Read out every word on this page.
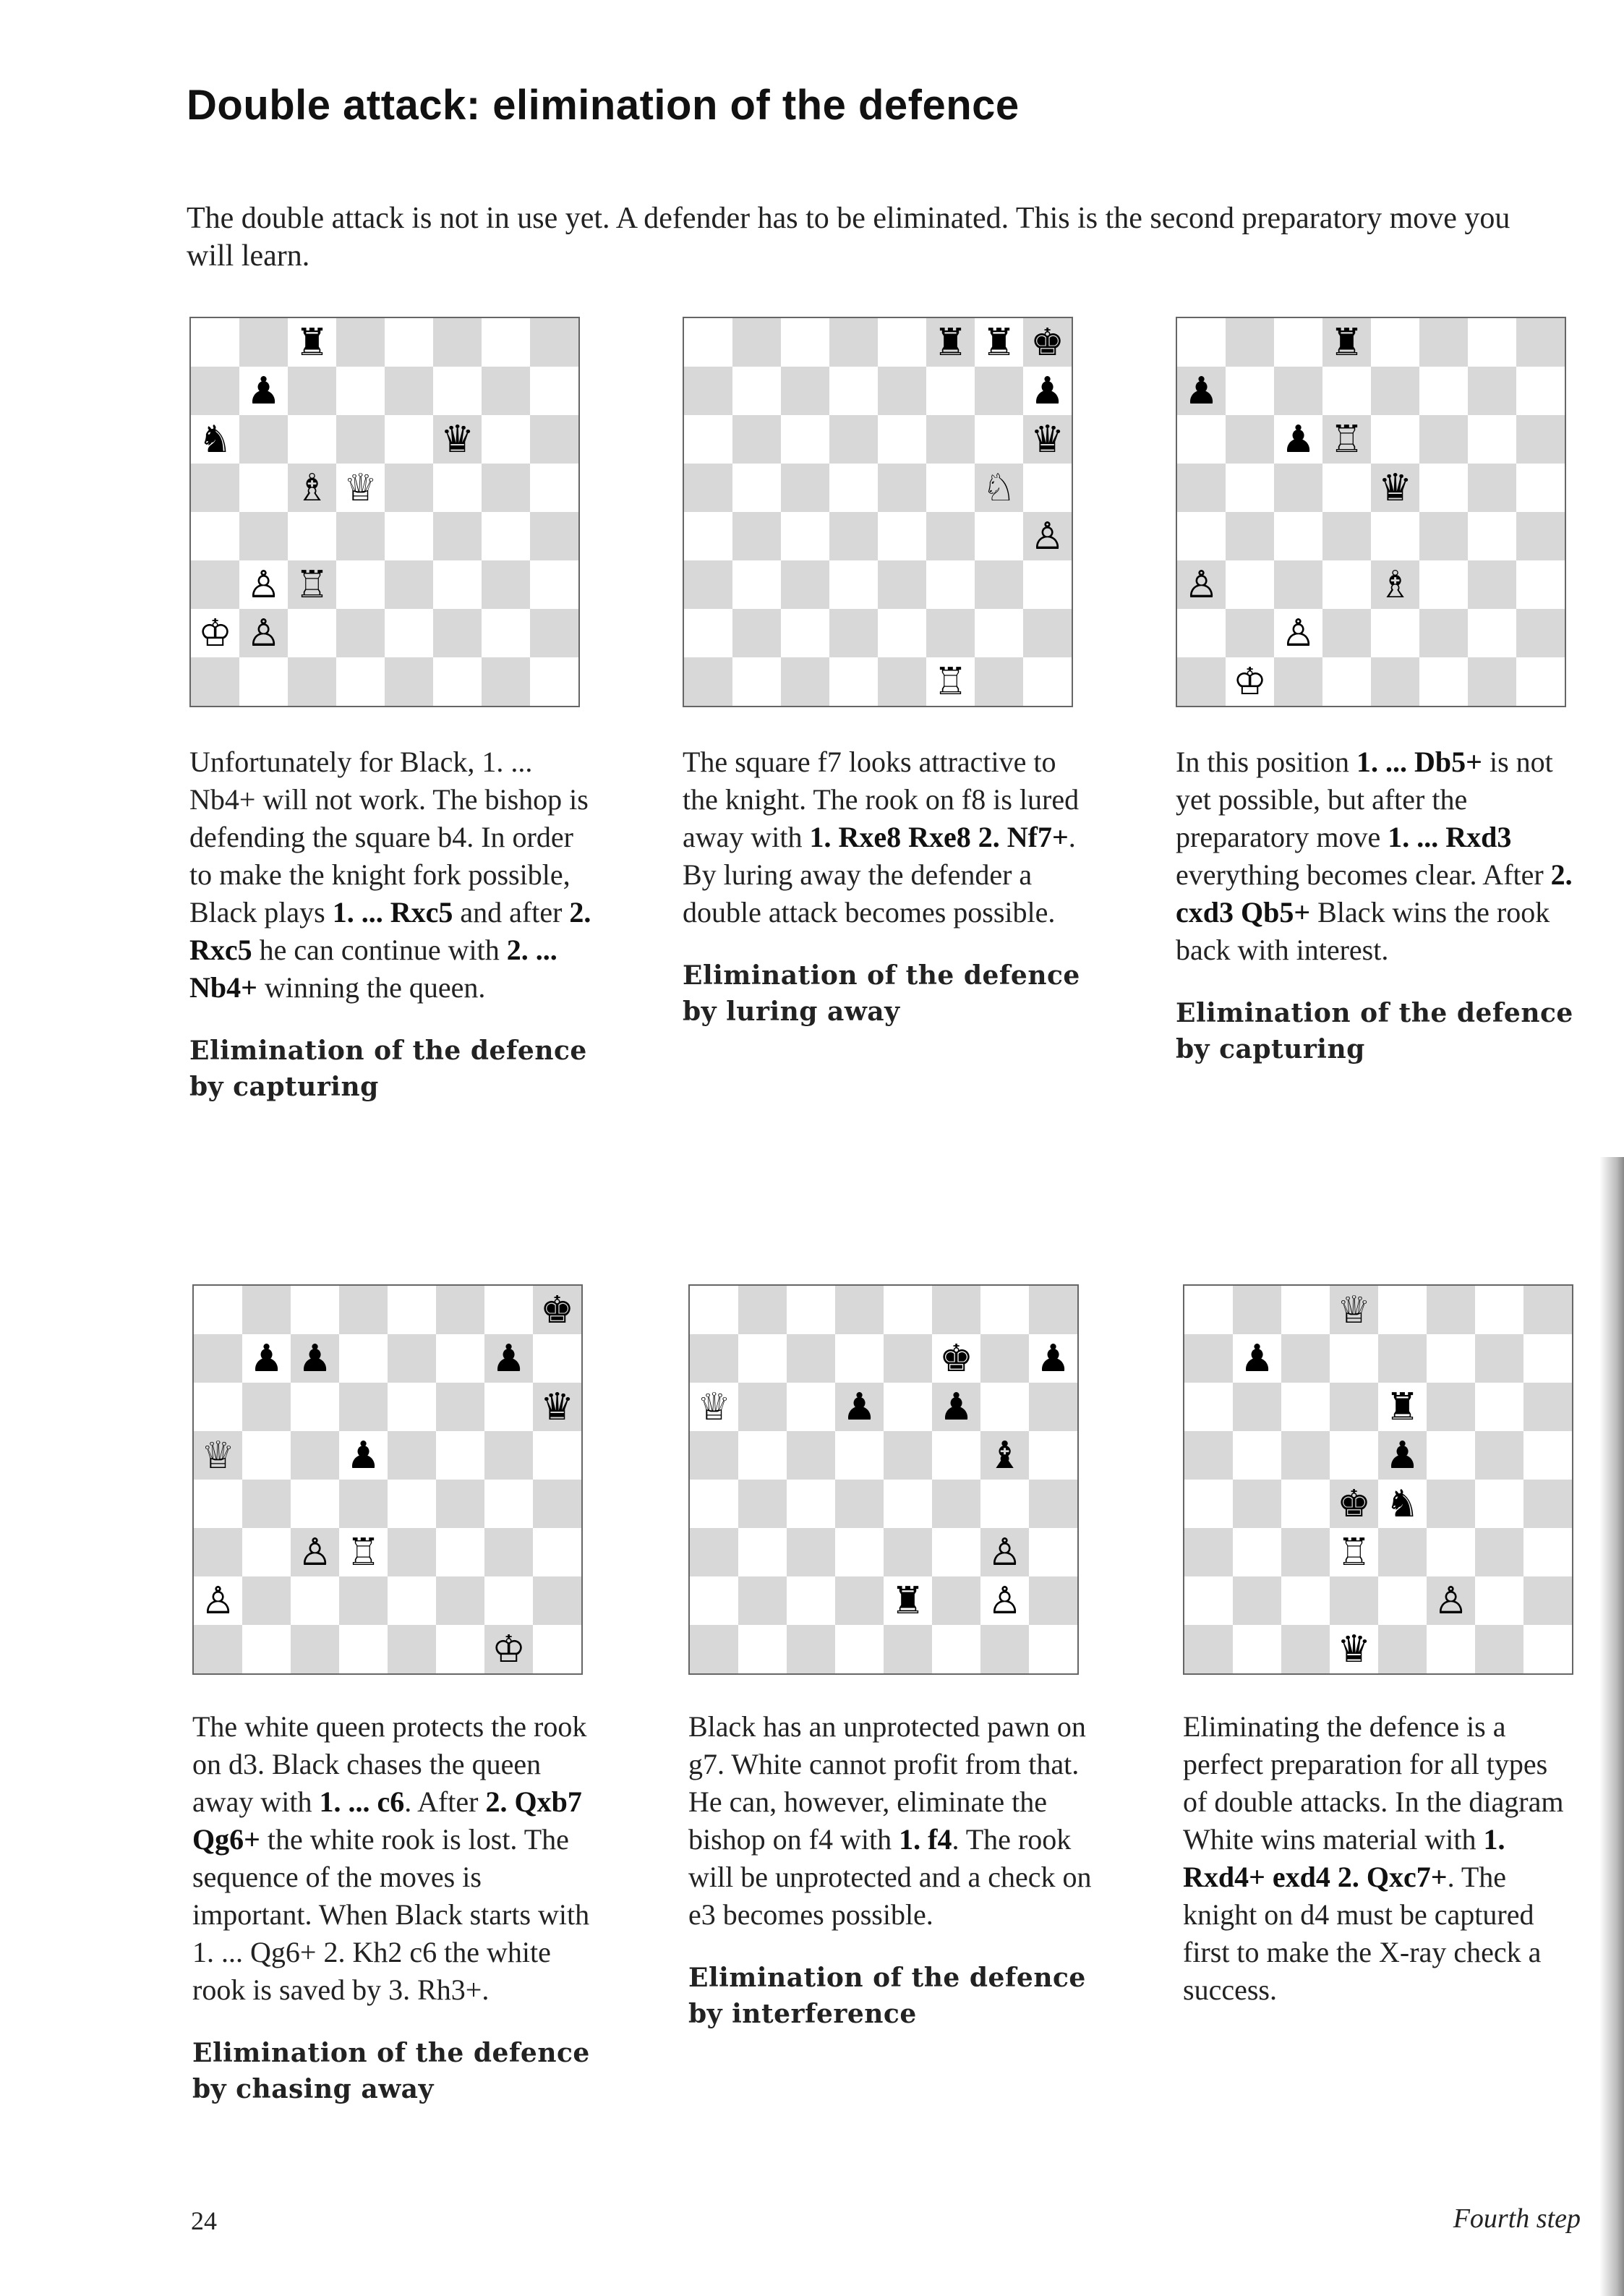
Double attack: elimination of the defence
The double attack is not in use yet. A defender has to be eliminated. This is the second preparatory move you will learn.
♜
♟
♞	♛
♗ ♕
♙ ♖
♔ ♙
♜ ♜ ♚
♟
♛
♘
♙
♖
♜
♟
♟ ♖
♛
♙	♗
♙
♔

Unfortunately for Black, 1. ... Nb4+ will not work. The bishop is defending the square b4. In order to make the knight fork possible, Black plays 1. ... Rxc5 and after 2. Rxc5 he can continue with 2. ... Nb4+ winning the queen.

Elimination of the defence by capturing

The square f7 looks attractive to the knight. The rook on f8 is lured away with 1. Rxe8 Rxe8 2. Nf7+. By luring away the defender a double attack becomes possible.

Elimination of the defence by luring away

In this position 1. ... Db5+ is not yet possible, but after the preparatory move 1. ... Rxd3 everything becomes clear. After 2. cxd3 Qb5+ Black wins the rook back with interest.

Elimination of the defence by capturing

♚
♟ ♟	♟
♛
♕	♟
♙ ♖
♙
♔
♚ ♟
♕	♟ ♟
♝
♙
♜ ♙
♕
♟
♜
♟
♚ ♞
♖
♙
♛

The white queen protects the rook on d3. Black chases the queen away with 1. ... c6. After 2. Qxb7 Qg6+ the white rook is lost. The sequence of the moves is important. When Black starts with 1. ... Qg6+ 2. Kh2 c6 the white rook is saved by 3. Rh3+.

Elimination of the defence by chasing away

Black has an unprotected pawn on g7. White cannot profit from that. He can, however, eliminate the bishop on f4 with 1. f4. The rook will be unprotected and a check on e3 becomes possible.

Elimination of the defence by interference

Eliminating the defence is a perfect preparation for all types of double attacks. In the diagram White wins material with 1. Rxd4+ exd4 2. Qxc7+. The knight on d4 must be captured first to make the X-ray check a success.

24	Fourth step
